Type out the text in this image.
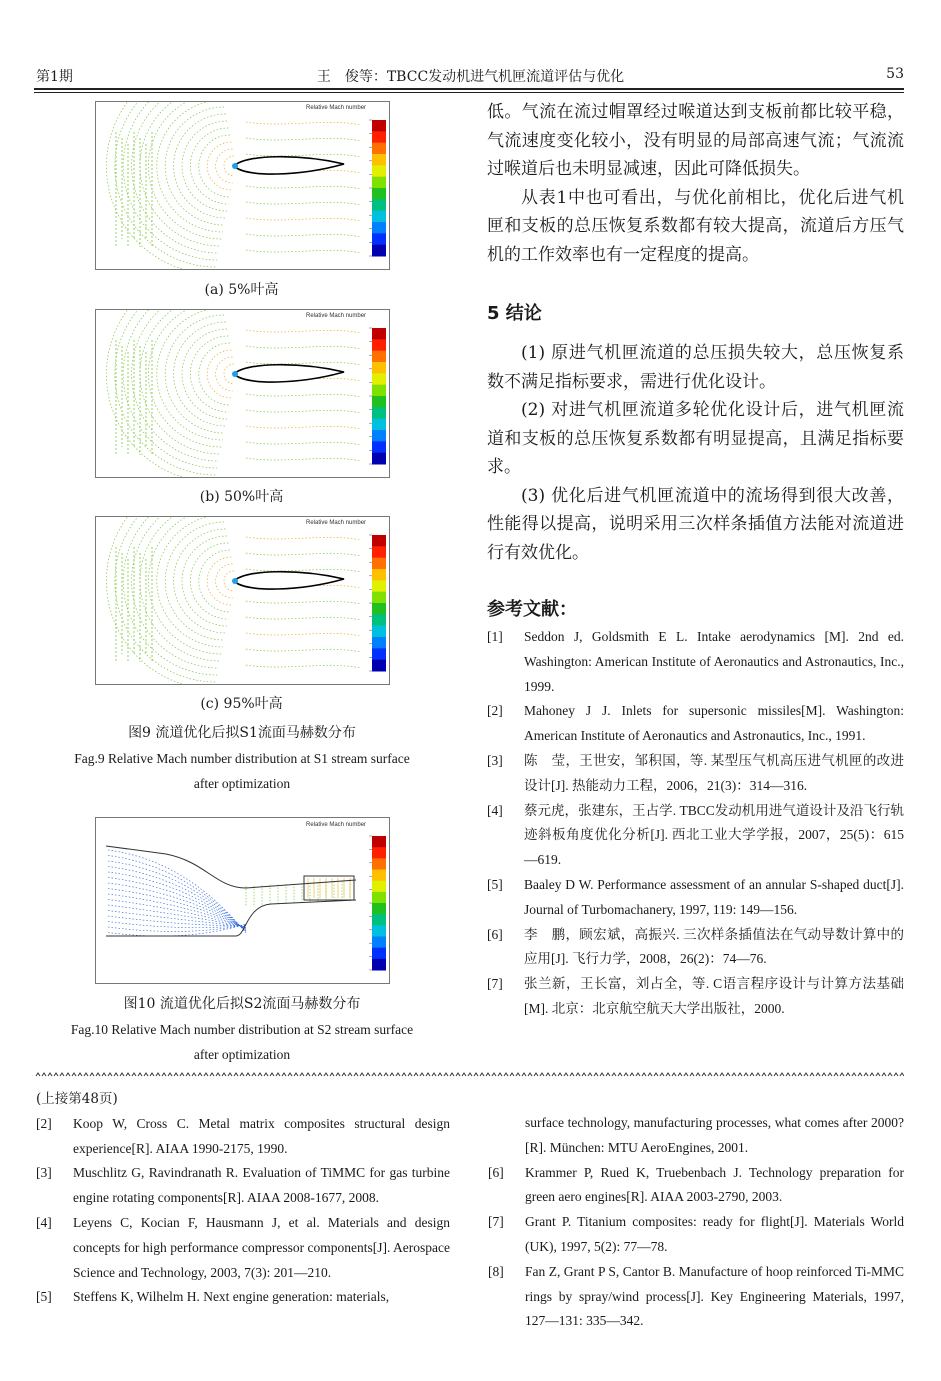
第1期	王　俊等：TBCC发动机进气机匣流道评估与优化	53
Relative Mach number
(a) 5%叶高
Relative Mach number
(b) 50%叶高
Relative Mach number
(c) 95%叶高
图9 流道优化后拟S1流面马赫数分布
Fag.9 Relative Mach number distribution at S1 stream surface
after optimization
Relative Mach number
图10 流道优化后拟S2流面马赫数分布
Fag.10 Relative Mach number distribution at S2 stream surface
after optimization
低。气流在流过帽罩经过喉道达到支板前都比较平稳，气流速度变化较小，没有明显的局部高速气流；气流流过喉道后也未明显减速，因此可降低损失。
从表1中也可看出，与优化前相比，优化后进气机匣和支板的总压恢复系数都有较大提高，流道后方压气机的工作效率也有一定程度的提高。
5 结论
(1) 原进气机匣流道的总压损失较大，总压恢复系数不满足指标要求，需进行优化设计。
(2) 对进气机匣流道多轮优化设计后，进气机匣流道和支板的总压恢复系数都有明显提高，且满足指标要求。
(3) 优化后进气机匣流道中的流场得到很大改善，性能得以提高，说明采用三次样条插值方法能对流道进行有效优化。
参考文献：
[1] Seddon J, Goldsmith E L. Intake aerodynamics [M]. 2nd ed. Washington: American Institute of Aeronautics and Astronautics, Inc., 1999.
[2] Mahoney J J. Inlets for supersonic missiles[M]. Washington: American Institute of Aeronautics and Astronautics, Inc., 1991.
[3] 陈　莹，王世安，邹积国，等. 某型压气机高压进气机匣的改进设计[J]. 热能动力工程，2006，21(3)：314—316.
[4] 蔡元虎，张建东，王占学. TBCC发动机用进气道设计及沿飞行轨迹斜板角度优化分析[J]. 西北工业大学学报，2007，25(5)：615—619.
[5] Baaley D W. Performance assessment of an annular S-shaped duct[J]. Journal of Turbomachanery, 1997, 119: 149—156.
[6] 李　鹏，顾宏斌，高振兴. 三次样条插值法在气动导数计算中的应用[J]. 飞行力学，2008，26(2)：74—76.
[7] 张兰新，王长富，刘占全，等. C语言程序设计与计算方法基础[M]. 北京：北京航空航天大学出版社，2000.
(上接第48页)
[2] Koop W, Cross C. Metal matrix composites structural design experience[R]. AIAA 1990-2175, 1990.
[3] Muschlitz G, Ravindranath R. Evaluation of TiMMC for gas turbine engine rotating components[R]. AIAA 2008-1677, 2008.
[4] Leyens C, Kocian F, Hausmann J, et al. Materials and design concepts for high performance compressor components[J]. Aerospace Science and Technology, 2003, 7(3): 201—210.
[5] Steffens K, Wilhelm H. Next engine generation: materials,
surface technology, manufacturing processes, what comes after 2000? [R]. München: MTU AeroEngines, 2001.
[6] Krammer P, Rued K, Truebenbach J. Technology preparation for green aero engines[R]. AIAA 2003-2790, 2003.
[7] Grant P. Titanium composites: ready for flight[J]. Materials World (UK), 1997, 5(2): 77—78.
[8] Fan Z, Grant P S, Cantor B. Manufacture of hoop reinforced Ti-MMC rings by spray/wind process[J]. Key Engineering Materials, 1997, 127—131: 335—342.
